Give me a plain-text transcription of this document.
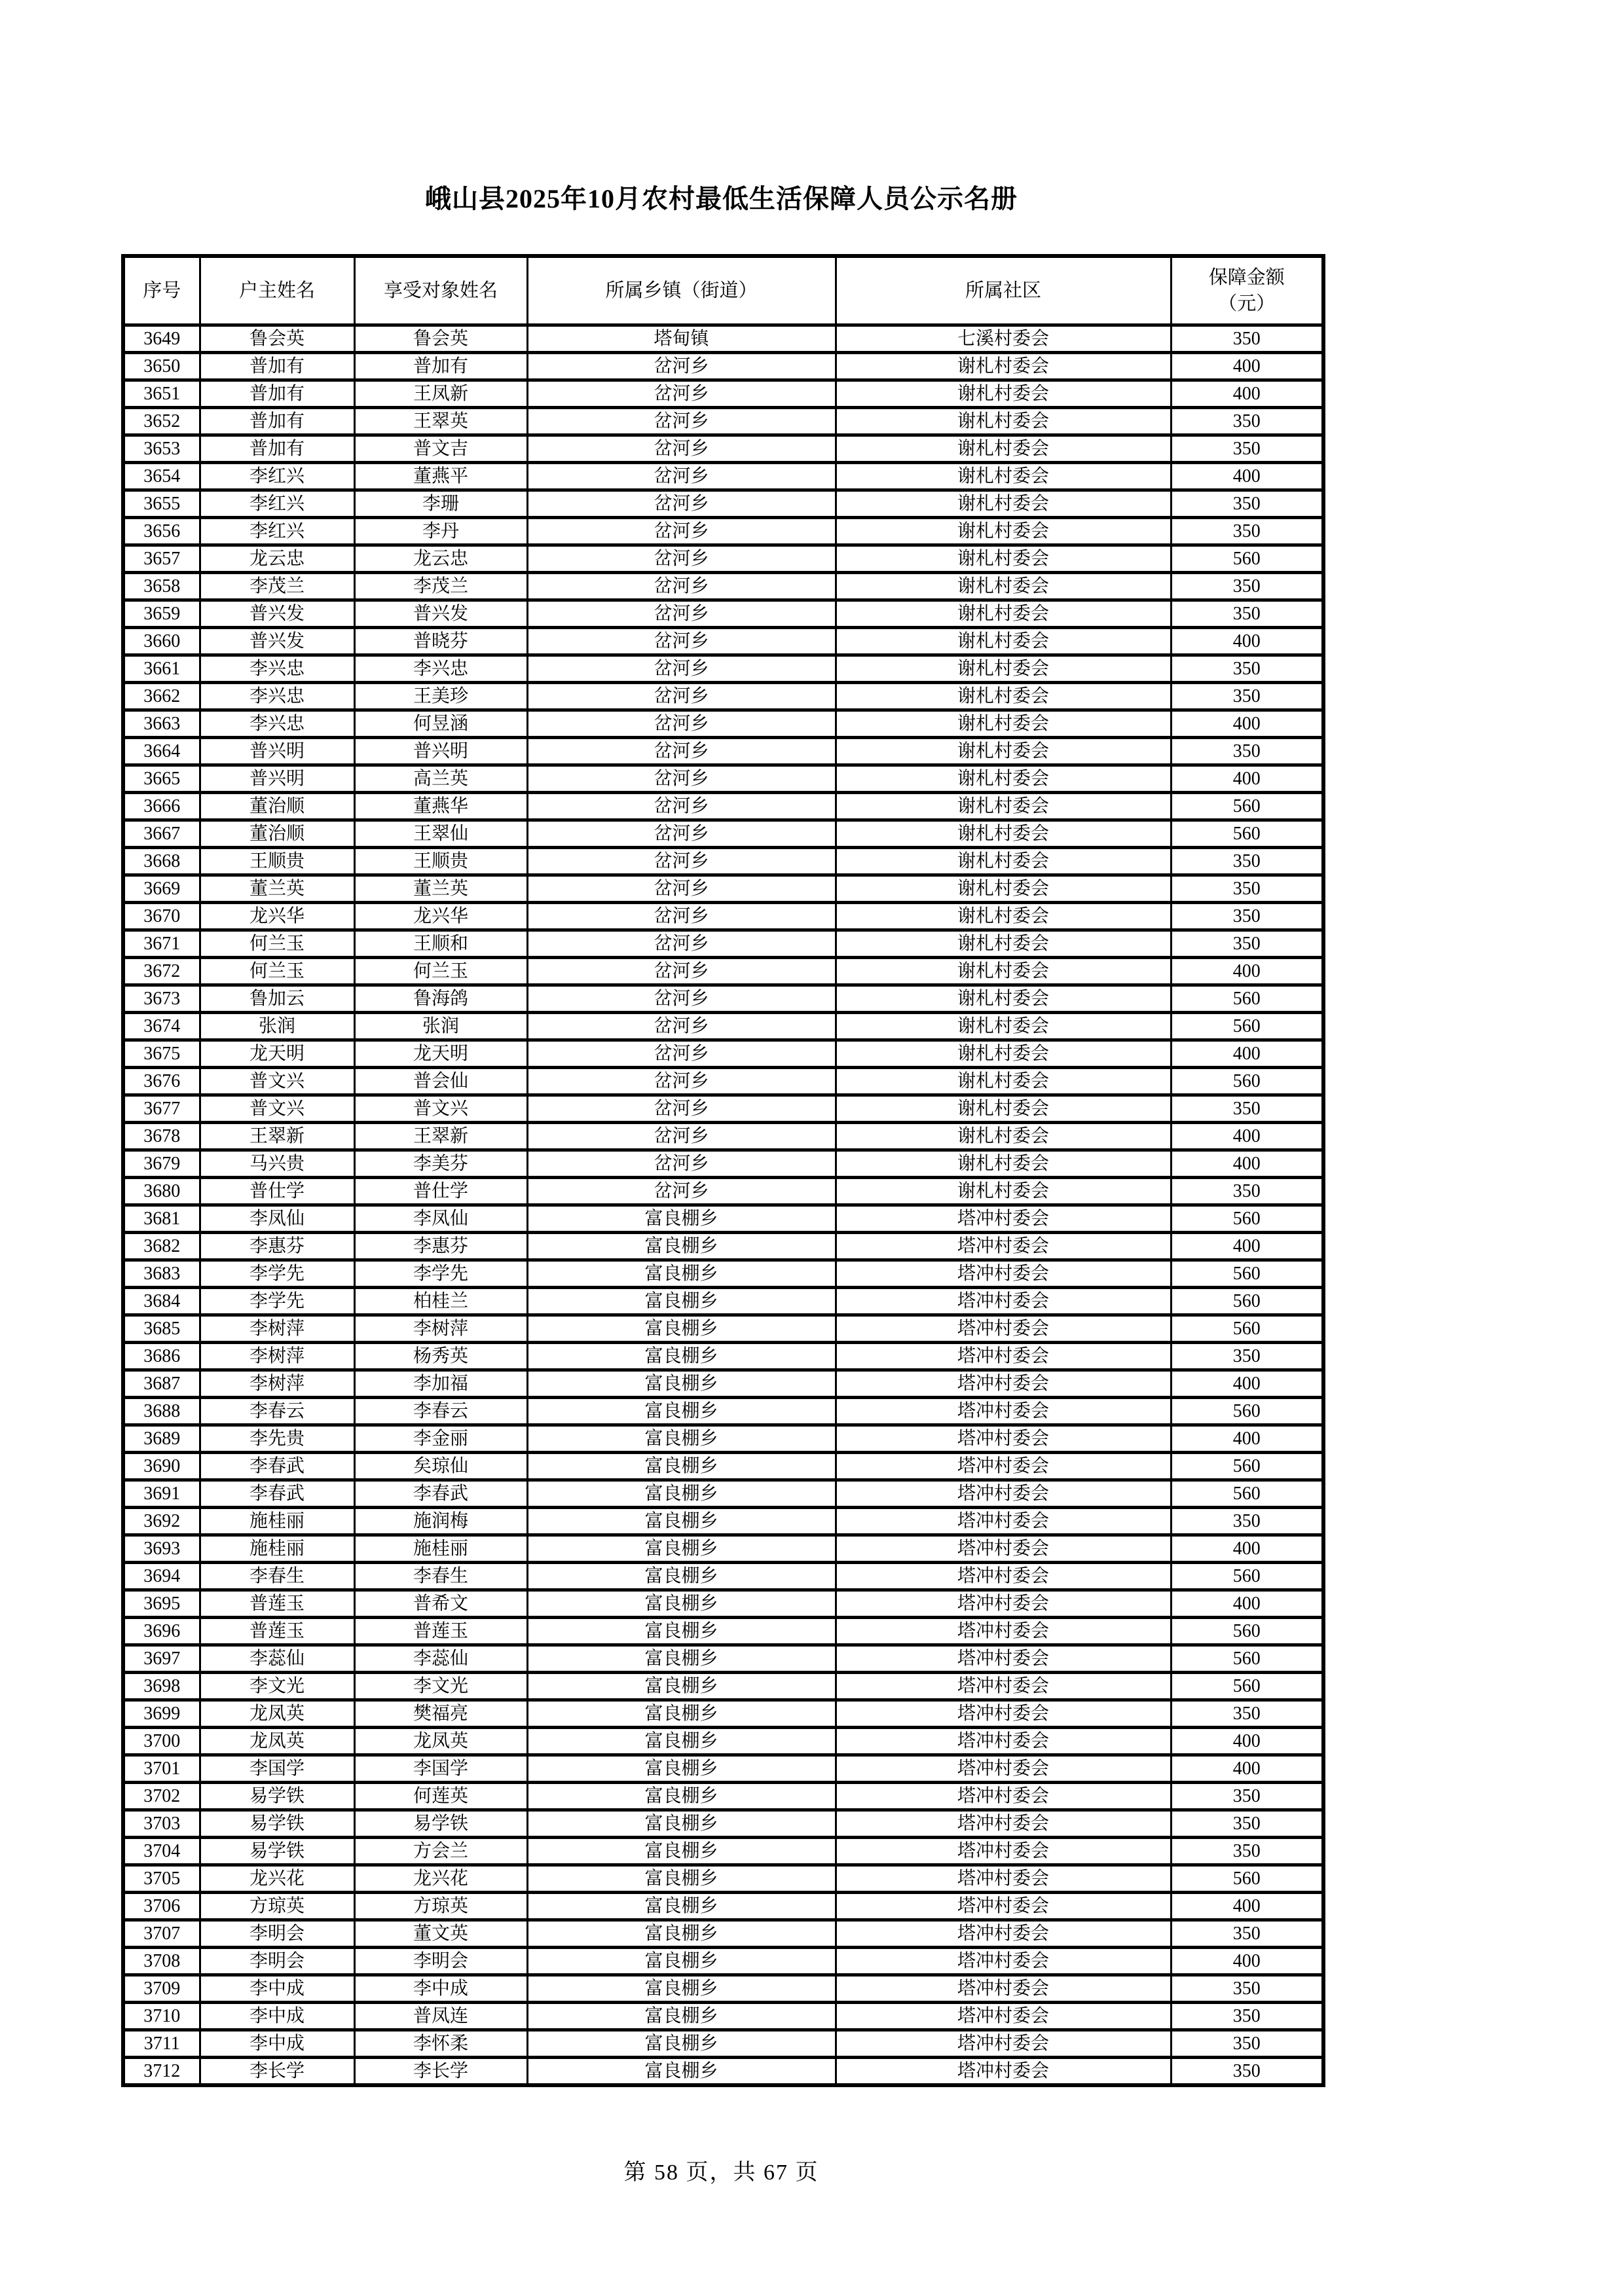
峨山县2025年10月农村最低生活保障人员公示名册
序号	户主姓名	享受对象姓名	所属乡镇（街道）	所属社区	保障金额
（元）

3649	鲁会英	鲁会英	塔甸镇	七溪村委会	350
3650	普加有	普加有	岔河乡	谢札村委会	400
3651	普加有	王凤新	岔河乡	谢札村委会	400
3652	普加有	王翠英	岔河乡	谢札村委会	350
3653	普加有	普文吉	岔河乡	谢札村委会	350
3654	李红兴	董燕平	岔河乡	谢札村委会	400
3655	李红兴	李珊	岔河乡	谢札村委会	350
3656	李红兴	李丹	岔河乡	谢札村委会	350
3657	龙云忠	龙云忠	岔河乡	谢札村委会	560
3658	李茂兰	李茂兰	岔河乡	谢札村委会	350
3659	普兴发	普兴发	岔河乡	谢札村委会	350
3660	普兴发	普晓芬	岔河乡	谢札村委会	400
3661	李兴忠	李兴忠	岔河乡	谢札村委会	350
3662	李兴忠	王美珍	岔河乡	谢札村委会	350
3663	李兴忠	何昱涵	岔河乡	谢札村委会	400
3664	普兴明	普兴明	岔河乡	谢札村委会	350
3665	普兴明	高兰英	岔河乡	谢札村委会	400
3666	董治顺	董燕华	岔河乡	谢札村委会	560
3667	董治顺	王翠仙	岔河乡	谢札村委会	560
3668	王顺贵	王顺贵	岔河乡	谢札村委会	350
3669	董兰英	董兰英	岔河乡	谢札村委会	350
3670	龙兴华	龙兴华	岔河乡	谢札村委会	350
3671	何兰玉	王顺和	岔河乡	谢札村委会	350
3672	何兰玉	何兰玉	岔河乡	谢札村委会	400
3673	鲁加云	鲁海鸽	岔河乡	谢札村委会	560
3674	张润	张润	岔河乡	谢札村委会	560
3675	龙天明	龙天明	岔河乡	谢札村委会	400
3676	普文兴	普会仙	岔河乡	谢札村委会	560
3677	普文兴	普文兴	岔河乡	谢札村委会	350
3678	王翠新	王翠新	岔河乡	谢札村委会	400
3679	马兴贵	李美芬	岔河乡	谢札村委会	400
3680	普仕学	普仕学	岔河乡	谢札村委会	350
3681	李凤仙	李凤仙	富良棚乡	塔冲村委会	560
3682	李惠芬	李惠芬	富良棚乡	塔冲村委会	400
3683	李学先	李学先	富良棚乡	塔冲村委会	560
3684	李学先	柏桂兰	富良棚乡	塔冲村委会	560
3685	李树萍	李树萍	富良棚乡	塔冲村委会	560
3686	李树萍	杨秀英	富良棚乡	塔冲村委会	350
3687	李树萍	李加福	富良棚乡	塔冲村委会	400
3688	李春云	李春云	富良棚乡	塔冲村委会	560
3689	李先贵	李金丽	富良棚乡	塔冲村委会	400
3690	李春武	矣琼仙	富良棚乡	塔冲村委会	560
3691	李春武	李春武	富良棚乡	塔冲村委会	560
3692	施桂丽	施润梅	富良棚乡	塔冲村委会	350
3693	施桂丽	施桂丽	富良棚乡	塔冲村委会	400
3694	李春生	李春生	富良棚乡	塔冲村委会	560
3695	普莲玉	普希文	富良棚乡	塔冲村委会	400
3696	普莲玉	普莲玉	富良棚乡	塔冲村委会	560
3697	李蕊仙	李蕊仙	富良棚乡	塔冲村委会	560
3698	李文光	李文光	富良棚乡	塔冲村委会	560
3699	龙凤英	樊福亮	富良棚乡	塔冲村委会	350
3700	龙凤英	龙凤英	富良棚乡	塔冲村委会	400
3701	李国学	李国学	富良棚乡	塔冲村委会	400
3702	易学铁	何莲英	富良棚乡	塔冲村委会	350
3703	易学铁	易学铁	富良棚乡	塔冲村委会	350
3704	易学铁	方会兰	富良棚乡	塔冲村委会	350
3705	龙兴花	龙兴花	富良棚乡	塔冲村委会	560
3706	方琼英	方琼英	富良棚乡	塔冲村委会	400
3707	李明会	董文英	富良棚乡	塔冲村委会	350
3708	李明会	李明会	富良棚乡	塔冲村委会	400
3709	李中成	李中成	富良棚乡	塔冲村委会	350
3710	李中成	普凤连	富良棚乡	塔冲村委会	350
3711	李中成	李怀柔	富良棚乡	塔冲村委会	350
3712	李长学	李长学	富良棚乡	塔冲村委会	350
第 58 页，共 67 页
